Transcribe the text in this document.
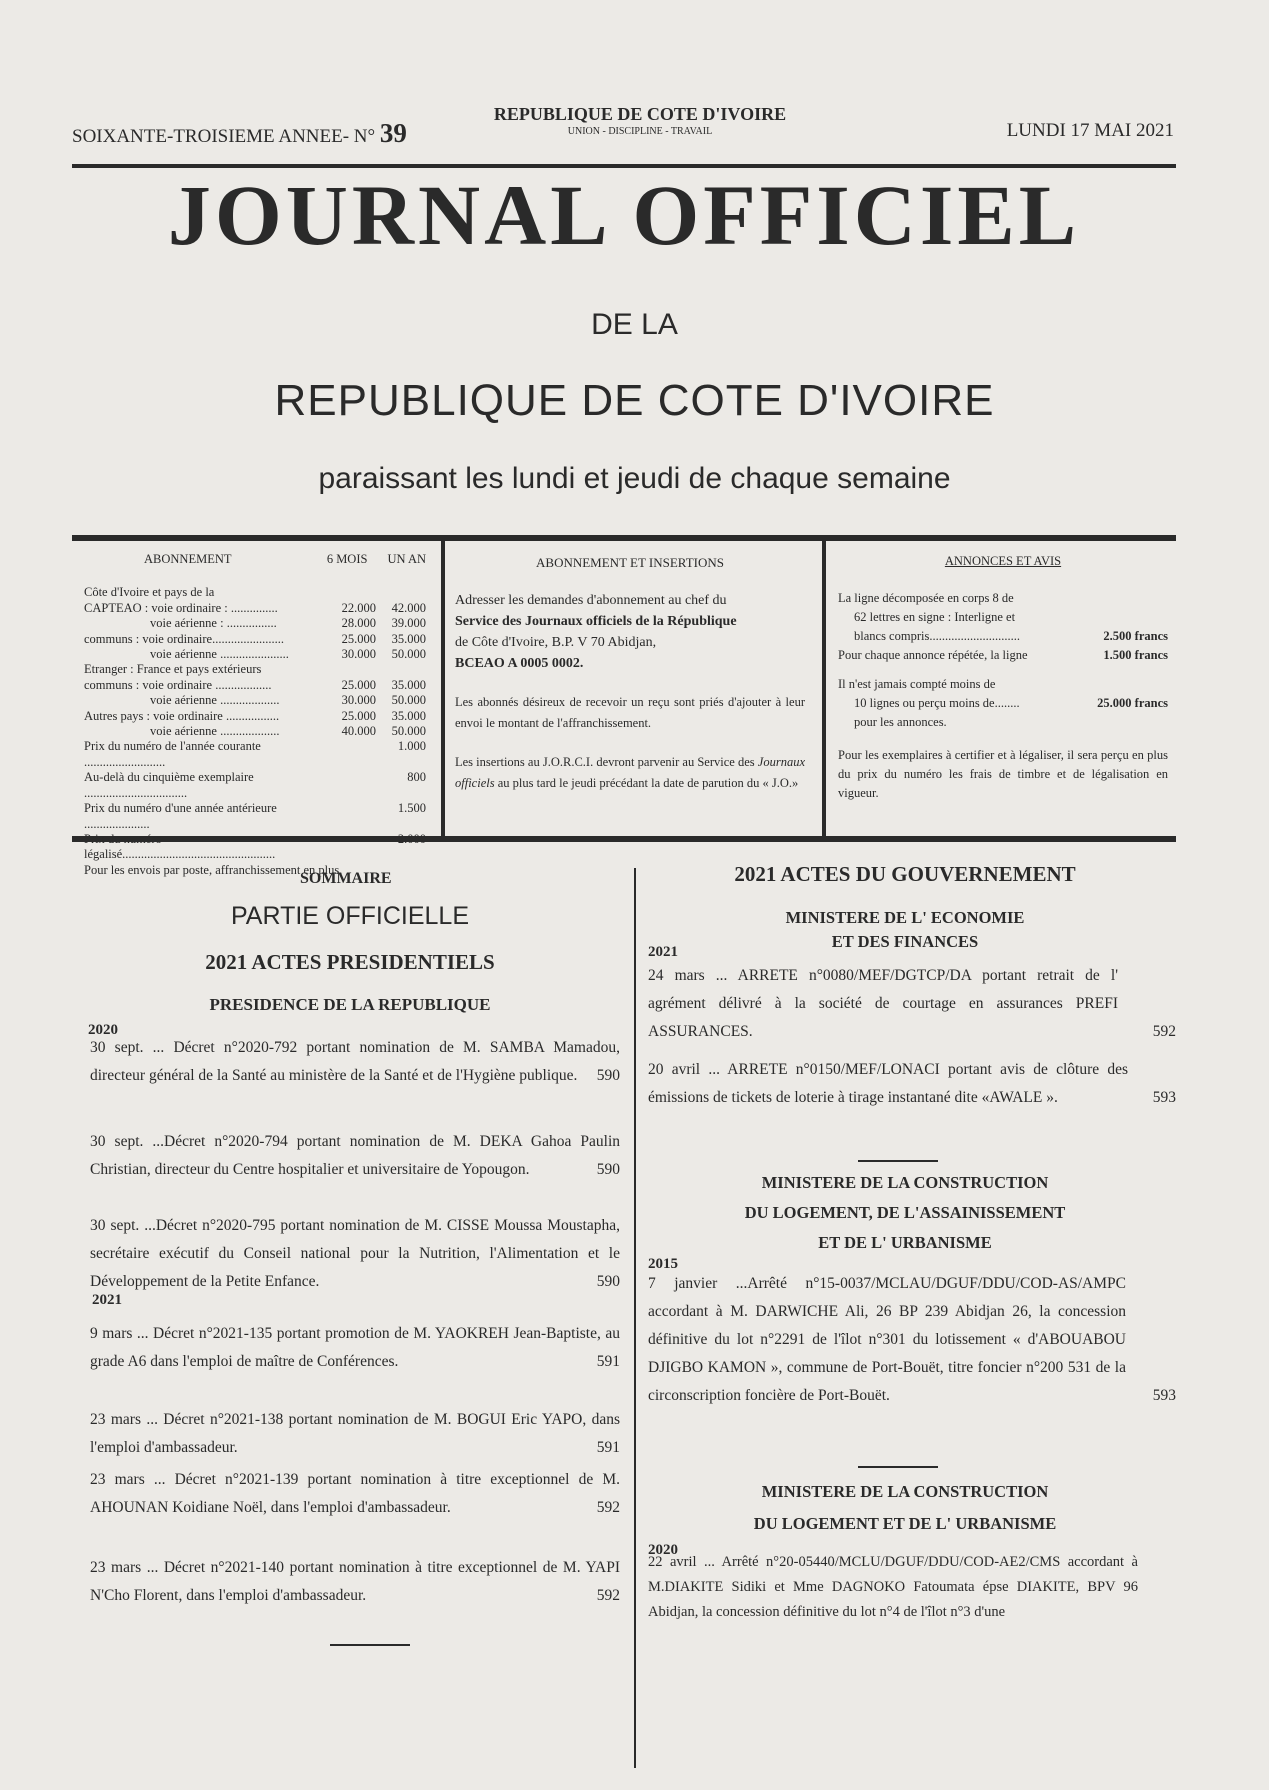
SOIXANTE-TROISIEME ANNEE- N° 39
REPUBLIQUE DE COTE D'IVOIRE
UNION - DISCIPLINE - TRAVAIL	LUNDI 17 MAI 2021
JOURNAL OFFICIEL
DE LA
REPUBLIQUE DE COTE D'IVOIRE
paraissant les lundi et jeudi de chaque semaine
ABONNEMENT	6 MOIS UN AN
Côte d'Ivoire et pays de la
CAPTEAO : voie ordinaire : ...............	22.000	42.000
voie aérienne : ................	28.000	39.000
communs : voie ordinaire.......................	25.000	35.000
voie aérienne ......................	30.000	50.000
Etranger : France et pays extérieurs
communs : voie ordinaire ..................	25.000	35.000
voie aérienne ...................	30.000	50.000
Autres pays : voie ordinaire .................	25.000	35.000
voie aérienne ...................	40.000	50.000
Prix du numéro de l'année courante ..........................
1.000
Au-delà du cinquième exemplaire .................................
800
Prix du numéro d'une année antérieure .....................
1.500
Prix du numéro légalisé.................................................
2.000
Pour les envois par poste, affranchissement en plus.
ABONNEMENT ET INSERTIONS

Adresser les demandes d'abonnement au chef du
Service des Journaux officiels de la République
de Côte d'Ivoire, B.P. V 70 Abidjan,
BCEAO A 0005 0002.

Les abonnés désireux de recevoir un reçu sont priés d'ajouter à leur envoi le montant de l'affranchissement.

Les insertions au J.O.R.C.I. devront parvenir au Service des Journaux officiels au plus tard le jeudi précédant la date de parution du « J.O.»

ANNONCES ET AVIS

La ligne décomposée en corps 8 de
62 lettres en signe : Interligne et
blancs compris.............................	2.500 francs
Pour chaque annonce répétée, la ligne	1.500 francs

Il n'est jamais compté moins de

10 lignes ou perçu moins de........	25.000 francs
pour les annonces.

Pour les exemplaires à certifier et à légaliser, il sera perçu en plus du prix du numéro les frais de timbre et de légalisation en vigueur.

SOMMAIRE
PARTIE OFFICIELLE
2021 ACTES PRESIDENTIELS
PRESIDENCE DE LA REPUBLIQUE
2020
2021
30 sept. ... Décret n°2020-792 portant nomination de M. SAMBA Mamadou, directeur général de la Santé au ministère de la Santé et de l'Hygiène publique.	590
30 sept. ...Décret n°2020-794 portant nomination de M. DEKA Gahoa Paulin Christian, directeur du Centre hospitalier et universitaire de Yopougon.	590
30 sept. ...Décret n°2020-795 portant nomination de M. CISSE Moussa Moustapha, secrétaire exécutif du Conseil national pour la Nutrition, l'Alimentation et le Développement de la Petite Enfance.	590
9 mars ... Décret n°2021-135 portant promotion de M. YAOKREH Jean-Baptiste, au grade A6 dans l'emploi de maître de Conférences.	591
23 mars ... Décret n°2021-138 portant nomination de M. BOGUI Eric YAPO, dans l'emploi d'ambassadeur.	591
23 mars ... Décret n°2021-139 portant nomination à titre exceptionnel de M. AHOUNAN Koidiane Noël, dans l'emploi d'ambassadeur.	592
23 mars ... Décret n°2021-140 portant nomination à titre exceptionnel de M. YAPI N'Cho Florent, dans l'emploi d'ambassadeur.	592
2021 ACTES DU GOUVERNEMENT
MINISTERE DE L' ECONOMIE
ET DES FINANCES
2021
24 mars ... ARRETE n°0080/MEF/DGTCP/DA portant retrait de l' agrément délivré à la société de courtage en assurances PREFI ASSURANCES.	592
20 avril ... ARRETE n°0150/MEF/LONACI portant avis de clôture des émissions de tickets de loterie à tirage instantané dite «AWALE ».	593
MINISTERE DE LA CONSTRUCTION
DU LOGEMENT, DE L'ASSAINISSEMENT
ET DE L' URBANISME
2015
7 janvier ...Arrêté n°15-0037/MCLAU/DGUF/DDU/COD-AS/AMPC accordant à M. DARWICHE Ali, 26 BP 239 Abidjan 26, la concession définitive du lot n°2291 de l'îlot n°301 du lotissement « d'ABOUABOU DJIGBO KAMON », commune de Port-Bouët, titre foncier n°200 531 de la circonscription foncière de Port-Bouët.	593
MINISTERE DE LA CONSTRUCTION
DU LOGEMENT ET DE L' URBANISME
2020
22 avril ... Arrêté n°20-05440/MCLU/DGUF/DDU/COD-AE2/CMS accordant à M.DIAKITE Sidiki et Mme DAGNOKO Fatoumata épse DIAKITE, BPV 96 Abidjan, la concession définitive du lot n°4 de l'îlot n°3 d'une
